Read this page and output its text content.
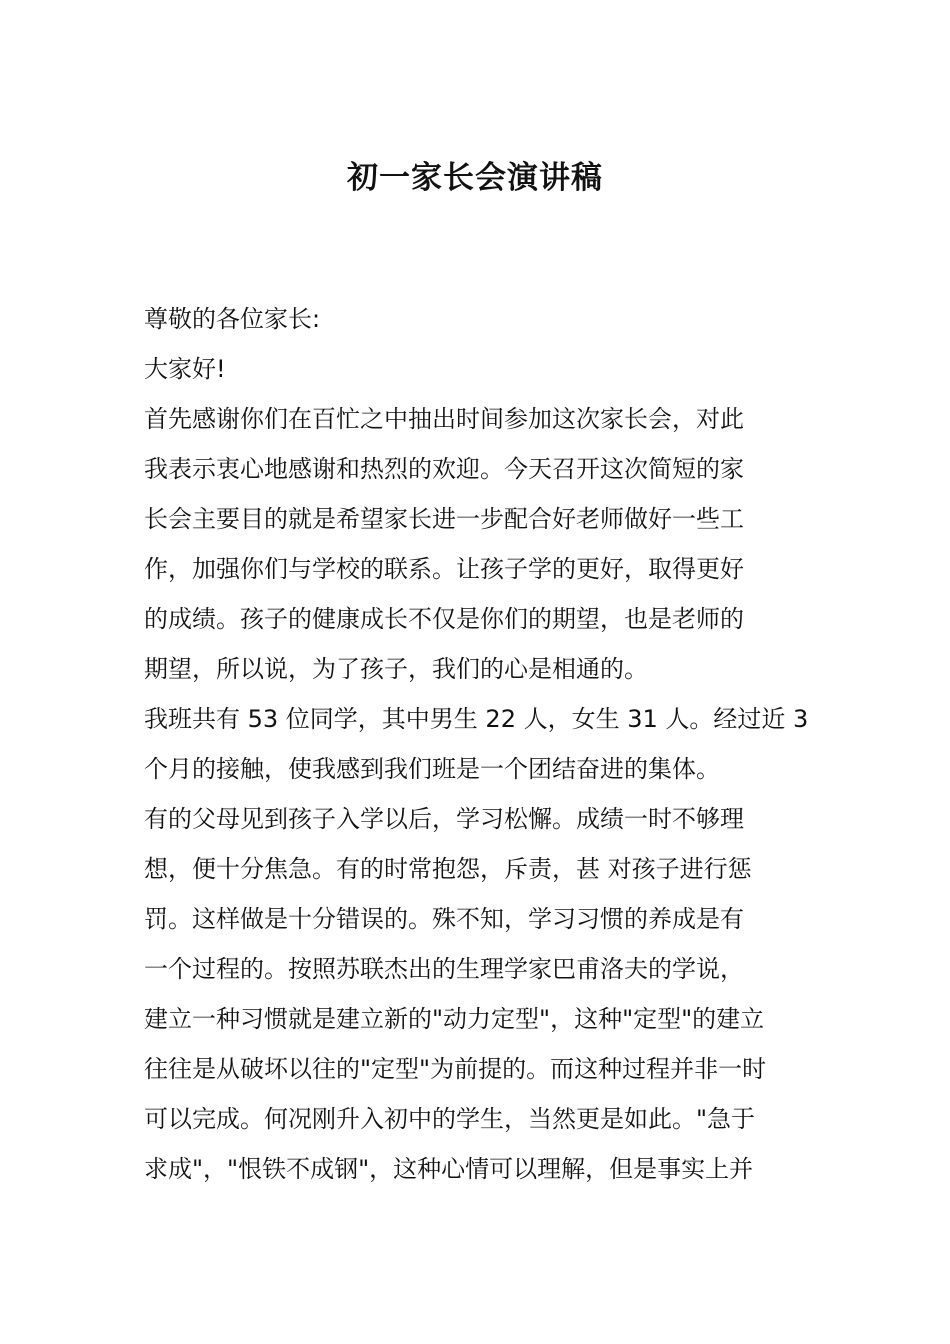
初一家长会演讲稿
尊敬的各位家长:
大家好!
首先感谢你们在百忙之中抽出时间参加这次家长会，对此
我表示衷心地感谢和热烈的欢迎。今天召开这次简短的家
长会主要目的就是希望家长进一步配合好老师做好一些工
作，加强你们与学校的联系。让孩子学的更好，取得更好
的成绩。孩子的健康成长不仅是你们的期望，也是老师的
期望，所以说，为了孩子，我们的心是相通的。
我班共有 53 位同学，其中男生 22 人，女生 31 人。经过近 3
个月的接触，使我感到我们班是一个团结奋进的集体。
有的父母见到孩子入学以后，学习松懈。成绩一时不够理
想，便十分焦急。有的时常抱怨，斥责，甚 对孩子进行惩
罚。这样做是十分错误的。殊不知，学习习惯的养成是有
一个过程的。按照苏联杰出的生理学家巴甫洛夫的学说，
建立一种习惯就是建立新的"动力定型"，这种"定型"的建立
往往是从破坏以往的"定型"为前提的。而这种过程并非一时
可以完成。何况刚升入初中的学生，当然更是如此。"急于
求成"，"恨铁不成钢"，这种心情可以理解，但是事实上并
